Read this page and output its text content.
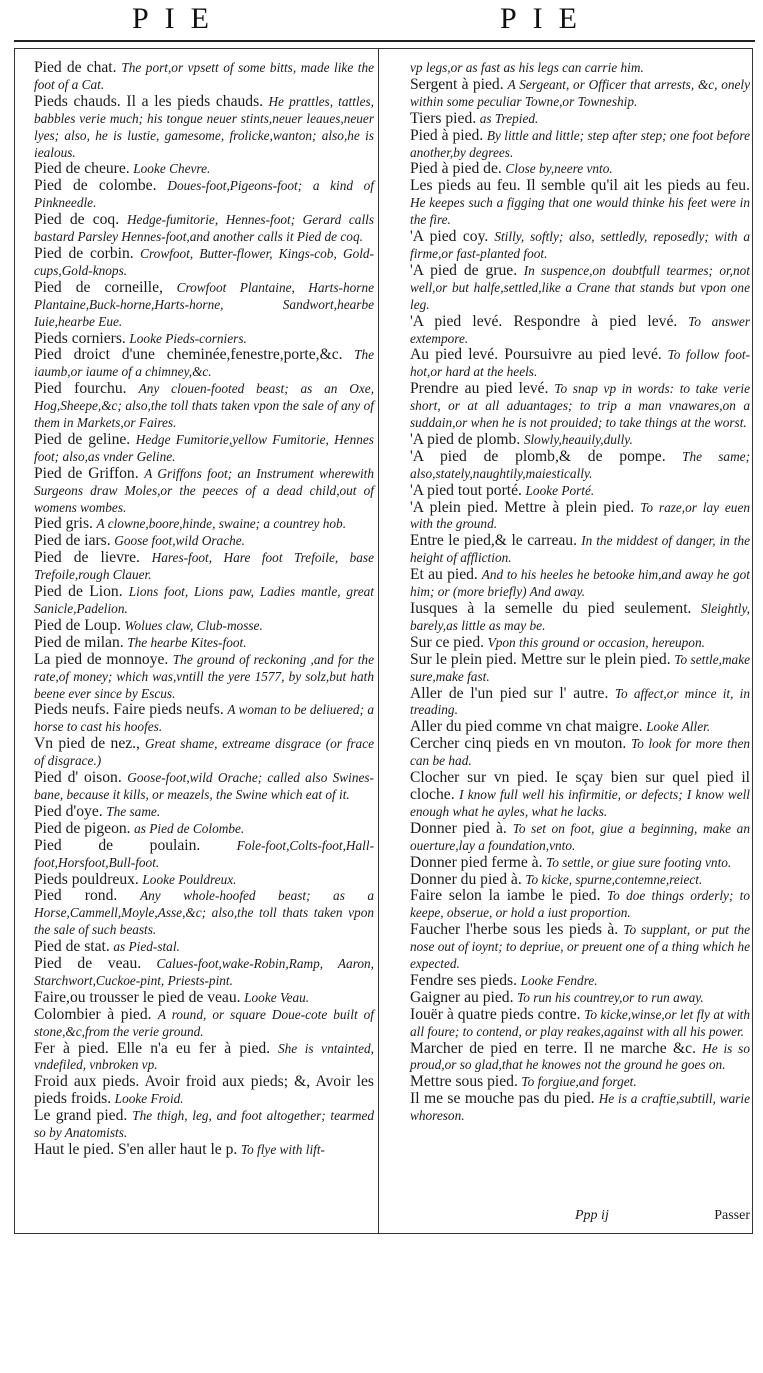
PIE	PIE
Pied de chat. The port,or vpsett of some bitts, made like the foot of a Cat.
Pieds chauds. Il a les pieds chauds. He prattles, tattles, babbles verie much; his tongue neuer stints,neuer leaues,neuer lyes; also, he is lustie, gamesome, frolicke,wanton; also,he is iealous.
Pied de cheure. Looke Chevre.
Pied de colombe. Doues-foot,Pigeons-foot; a kind of Pinkneedle.
Pied de coq. Hedge-fumitorie, Hennes-foot; Gerard calls bastard Parsley Hennes-foot,and another calls it Pied de coq.
Pied de corbin. Crowfoot, Butter-flower, Kings-cob, Gold-cups,Gold-knops.
Pied de corneille, Crowfoot Plantaine, Harts-horne Plantaine,Buck-horne,Harts-horne, Sandwort,hearbe Iuie,hearbe Eue.
Pieds corniers. Looke Pieds-corniers.
Pied droict d'une cheminée,fenestre,porte,&c. The iaumb,or iaume of a chimney,&c.
Pied fourchu. Any clouen-footed beast; as an Oxe, Hog,Sheepe,&c; also,the toll thats taken vpon the sale of any of them in Markets,or Faires.
Pied de geline. Hedge Fumitorie,yellow Fumitorie, Hennes foot; also,as vnder Geline.
Pied de Griffon. A Griffons foot; an Instrument wherewith Surgeons draw Moles,or the peeces of a dead child,out of womens wombes.
Pied gris. A clowne,boore,hinde, swaine; a countrey hob.
Pied de iars. Goose foot,wild Orache.
Pied de lievre. Hares-foot, Hare foot Trefoile, base Trefoile,rough Clauer.
Pied de Lion. Lions foot, Lions paw, Ladies mantle, great Sanicle,Padelion.
Pied de Loup. Wolues claw, Club-mosse.
Pied de milan. The hearbe Kites-foot.
La pied de monnoye. The ground of reckoning ,and for the rate,of money; which was,vntill the yere 1577, by solz,but hath beene ever since by Escus.
Pieds neufs. Faire pieds neufs. A woman to be deliuered; a horse to cast his hoofes.
Vn pied de nez., Great shame, extreame disgrace (or frace of disgrace.)
Pied d' oison. Goose-foot,wild Orache; called also Swines-bane, because it kills, or meazels, the Swine which eat of it.
Pied d'oye. The same.
Pied de pigeon. as Pied de Colombe.
Pied de poulain.	Fole-foot,Colts-foot,Hall-foot,Horsfoot,Bull-foot.
Pieds pouldreux. Looke Pouldreux.
Pied rond. Any whole-hoofed beast; as a Horse,Cammell,Moyle,Asse,&c; also,the toll thats taken vpon the sale of such beasts.
Pied de stat. as Pied-stal.
Pied de veau. Calues-foot,wake-Robin,Ramp, Aaron, Starchwort,Cuckoe-pint, Priests-pint.
Faire,ou trousser le pied de veau. Looke Veau.
Colombier à pied. A round, or square Doue-cote built of stone,&c,from the verie ground.
Fer à pied. Elle n'a eu fer à pied. She is vntainted, vndefiled, vnbroken vp.
Froid aux pieds. Avoir froid aux pieds; &, Avoir les pieds froids. Looke Froid.
Le grand pied. The thigh, leg, and foot altogether; tearmed so by Anatomists.
Haut le pied. S'en aller haut le p. To flye with lift-
vp legs,or as fast as his legs can carrie him.
Sergent à pied. A Sergeant, or Officer that arrests, &c, onely within some peculiar Towne,or Towneship.
Tiers pied. as Trepied.
Pied à pied. By little and little; step after step; one foot before another,by degrees.
Pied à pied de. Close by,neere vnto.
Les pieds au feu. Il semble qu'il ait les pieds au feu. He keepes such a figging that one would thinke his feet were in the fire.
'A pied coy. Stilly, softly; also, settledly, reposedly; with a firme,or fast-planted foot.
'A pied de grue. In suspence,on doubtfull tearmes; or,not well,or but halfe,settled,like a Crane that stands but vpon one leg.
'A pied levé. Respondre à pied levé. To answer extempore.
Au pied levé. Poursuivre au pied levé. To follow foot-hot,or hard at the heels.
Prendre au pied levé. To snap vp in words: to take verie short, or at all aduantages; to trip a man vnawares,on a suddain,or when he is not prouided; to take things at the worst.
'A pied de plomb. Slowly,heauily,dully.
'A pied de plomb,& de pompe. The same; also,stately,naughtily,maiestically.
'A pied tout porté. Looke Porté.
'A plein pied. Mettre à plein pied. To raze,or lay euen with the ground.
Entre le pied,& le carreau. In the middest of danger, in the height of affliction.
Et au pied. And to his heeles he betooke him,and away he got him; or (more briefly) And away.
Iusques à la semelle du pied seulement. Sleightly, barely,as little as may be.
Sur ce pied. Vpon this ground or occasion, hereupon.
Sur le plein pied. Mettre sur le plein pied. To settle,make sure,make fast.
Aller de l'un pied sur l' autre. To affect,or mince it, in treading.
Aller du pied comme vn chat maigre. Looke Aller.
Cercher cinq pieds en vn mouton. To look for more then can be had.
Clocher sur vn pied. Ie sçay bien sur quel pied il cloche. I know full well his infirmitie, or defects; I know well enough what he ayles, what he lacks.
Donner pied à. To set on foot, giue a beginning, make an ouerture,lay a foundation,vnto.
Donner pied ferme à. To settle, or giue sure footing vnto.
Donner du pied à. To kicke, spurne,contemne,reiect.
Faire selon la iambe le pied. To doe things orderly; to keepe, obserue, or hold a iust proportion.
Faucher l'herbe sous les pieds à. To supplant, or put the nose out of ioynt; to depriue, or preuent one of a thing which he expected.
Fendre ses pieds. Looke Fendre.
Gaigner au pied. To run his countrey,or to run away.
Iouër à quatre pieds contre. To kicke,winse,or let fly at with all foure; to contend, or play reakes,against with all his power.
Marcher de pied en terre. Il ne marche &c. He is so proud,or so glad,that he knowes not the ground he goes on.
Mettre sous pied. To forgiue,and forget.
Il me se mouche pas du pied. He is a craftie,subtill, warie whoreson.
Ppp ij	Passer
